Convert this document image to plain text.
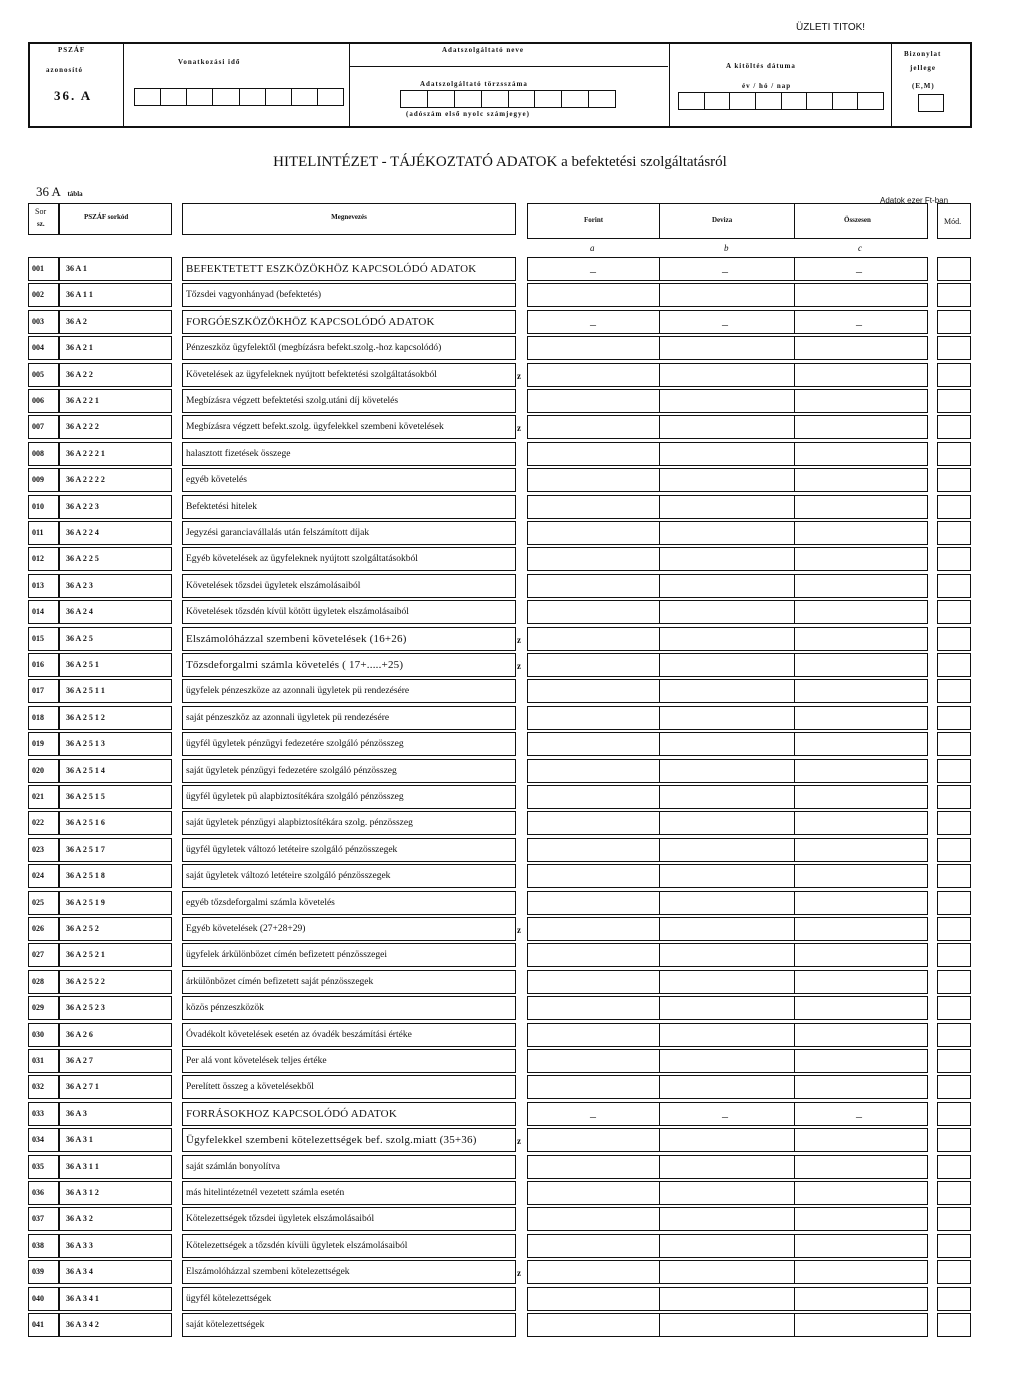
ÜZLETI TITOK!
PSZÁF
azonosító
36. A
Vonatkozási idő
Adatszolgáltató neve
Adatszolgáltató törzsszáma
(adószám első nyolc számjegye)
A kitöltés dátuma
év / hó / nap
Bizonylat
jellege
(E,M)
HITELINTÉZET - TÁJÉKOZTATÓ ADATOK a befektetési szolgáltatásról
36 A tábla
Adatok ezer Ft-ban
Sor
sz.
PSZÁF sorkód	Megnevezés	Forint	Deviza	Összesen	Mód.
a	b	c
001	36 A 1	BEFEKTETETT ESZKÖZÖKHÖZ KAPCSOLÓDÓ ADATOK	–	–	–
002	36 A 1 1	Tőzsdei vagyonhányad (befektetés)
003	36 A 2	FORGÓESZKÖZÖKHÖZ KAPCSOLÓDÓ ADATOK	–	–	–
004	36 A 2 1	Pénzeszköz ügyfelektől (megbízásra befekt.szolg.-hoz kapcsolódó)
005	36 A 2 2	Követelések az ügyfeleknek nyújtott befektetési szolgáltatásokból	z
006	36 A 2 2 1	Megbízásra végzett befektetési szolg.utáni díj követelés
007	36 A 2 2 2	Megbízásra végzett befekt.szolg. ügyfelekkel szembeni követelések	z
008	36 A 2 2 2 1	halasztott fizetések összege
009	36 A 2 2 2 2	egyéb követelés
010	36 A 2 2 3	Befektetési hitelek
011	36 A 2 2 4	Jegyzési garanciavállalás után felszámított díjak
012	36 A 2 2 5	Egyéb követelések az ügyfeleknek nyújtott szolgáltatásokból
013	36 A 2 3	Követelések tőzsdei ügyletek elszámolásaiból
014	36 A 2 4	Követelések tőzsdén kívül kötött ügyletek elszámolásaiból
015	36 A 2 5	Elszámolóházzal szembeni követelések (16+26)	z
016	36 A 2 5 1	Tőzsdeforgalmi számla követelés ( 17+.....+25)	z
017	36 A 2 5 1 1	ügyfelek pénzeszköze az azonnali ügyletek pü rendezésére
018	36 A 2 5 1 2	saját pénzeszköz az azonnali ügyletek pü rendezésére
019	36 A 2 5 1 3	ügyfél ügyletek pénzügyi fedezetére szolgáló pénzösszeg
020	36 A 2 5 1 4	saját ügyletek pénzügyi fedezetére szolgáló pénzösszeg
021	36 A 2 5 1 5	ügyfél ügyletek pü alapbiztosítékára szolgáló pénzösszeg
022	36 A 2 5 1 6	saját ügyletek pénzügyi alapbiztosítékára szolg. pénzösszeg
023	36 A 2 5 1 7	ügyfél ügyletek változó letéteire szolgáló pénzösszegek
024	36 A 2 5 1 8	saját ügyletek változó letéteire szolgáló pénzösszegek
025	36 A 2 5 1 9	egyéb tőzsdeforgalmi számla követelés
026	36 A 2 5 2	Egyéb követelések (27+28+29)	z
027	36 A 2 5 2 1	ügyfelek árkülönbözet címén befizetett pénzösszegei
028	36 A 2 5 2 2	árkülönbözet címén befizetett saját pénzösszegek
029	36 A 2 5 2 3	közös pénzeszközök
030	36 A 2 6	Óvadékolt követelések esetén az óvadék beszámítási értéke
031	36 A 2 7	Per alá vont követelések teljes értéke
032	36 A 2 7 1	Perelített összeg a követelésekből
033	36 A 3	FORRÁSOKHOZ KAPCSOLÓDÓ ADATOK	–	–	–
034	36 A 3 1	Ügyfelekkel szembeni kötelezettségek bef. szolg.miatt (35+36)	z
035	36 A 3 1 1	saját számlán bonyolítva
036	36 A 3 1 2	más hitelintézetnél vezetett számla esetén
037	36 A 3 2	Kötelezettségek tőzsdei ügyletek elszámolásaiból
038	36 A 3 3	Kötelezettségek a tőzsdén kívüli ügyletek elszámolásaiból
039	36 A 3 4	Elszámolóházzal szembeni kötelezettségek	z
040	36 A 3 4 1	ügyfél kötelezettségek
041	36 A 3 4 2	saját kötelezettségek
